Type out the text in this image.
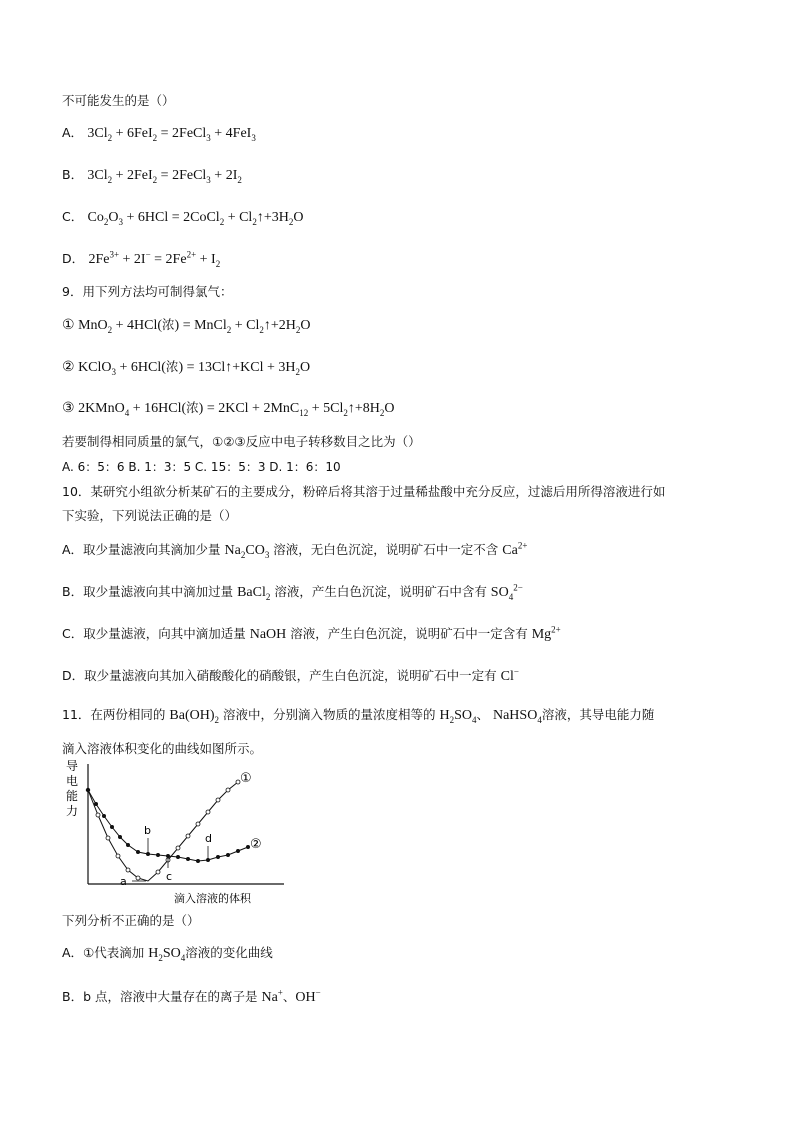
不可能发生的是（）
A． $3Cl_2 + 6FeI_2$ = 2FeCl$_3$ + 4FeI$_3$
B． $3Cl_2 + 2FeI_2$ = 2FeCl$_3$ + $2I_2$
C． $Co_2O_3 + 6HCl$ = 2CoCl$_2$ + $Cl_2↑+3H_2O$
D． $2Fe^{3+} + 2I^- = 2Fe^{2+} + I_2$
9．用下列方法均可制得氯气：
① MnO$_2$ + 4HCl(浓) = MnCl$_2$ + $Cl_2↑+2H_2O$
② KClO$_3$ + 6HCl(浓) = 13Cl↑+KCl + $3H_2O$
③ 2KMnO$_4$ + 16HCl(浓) = $2KCl + 2MnC_{12} + 5Cl_2↑+8H_2O$
若要制得相同质量的氯气，①②③反应中电子转移数目之比为（）
A. 6：5：6 B. 1：3：5 C. 15：5：3 D. 1：6：10
10．某研究小组欲分析某矿石的主要成分，粉碎后将其溶于过量稀盐酸中充分反应，过滤后用所得溶液进行如
下实验，下列说法正确的是（）
A．取少量滤液向其滴加少量 $Na_2CO_3$ 溶液，无白色沉淀，说明矿石中一定不含 $Ca^{2+}$
B．取少量滤液向其中滴加过量 BaCl$_2$ 溶液，产生白色沉淀，说明矿石中含有 $SO_4^{2-}$
C．取少量滤液，向其中滴加适量 NaOH 溶液，产生白色沉淀，说明矿石中一定含有 $Mg^{2+}$
D．取少量滤液向其加入硝酸酸化的硝酸银，产生白色沉淀，说明矿石中一定有 Cl−
11．在两份相同的 $Ba(OH)_2$ 溶液中，分别滴入物质的量浓度相等的 $H_2SO_4$、 NaHSO$_4$溶液，其导电能力随
滴入溶液体积变化的曲线如图所示。
导
电
能
力
滴入溶液的体积
b
a	c
d
①
②
下列分析不正确的是（）
A．①代表滴加 $H_2SO_4$溶液的变化曲线
B．b 点，溶液中大量存在的离子是 Na+、OH−
